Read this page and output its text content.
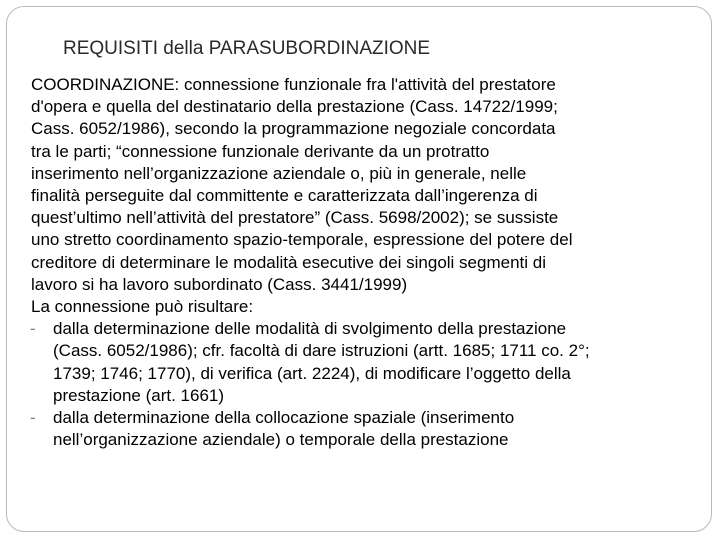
REQUISITI della PARASUBORDINAZIONE
COORDINAZIONE: connessione funzionale fra l'attività del prestatore
d'opera e quella del destinatario della prestazione (Cass. 14722/1999;
Cass. 6052/1986), secondo la programmazione negoziale concordata
tra le parti; “connessione funzionale derivante da un protratto
inserimento nell’organizzazione aziendale o, più in generale, nelle
finalità perseguite dal committente e caratterizzata dall’ingerenza di
quest’ultimo nell’attività del prestatore” (Cass. 5698/2002); se sussiste
uno stretto coordinamento spazio-temporale, espressione del potere del
creditore di determinare le modalità esecutive dei singoli segmenti di
lavoro si ha lavoro subordinato (Cass. 3441/1999)
La connessione può risultare:
- dalla determinazione delle modalità di svolgimento della prestazione
(Cass. 6052/1986); cfr. facoltà di dare istruzioni (artt. 1685; 1711 co. 2°;
1739; 1746; 1770), di verifica (art. 2224), di modificare l’oggetto della
prestazione (art. 1661)
- dalla determinazione della collocazione spaziale (inserimento
nell’organizzazione aziendale) o temporale della prestazione
